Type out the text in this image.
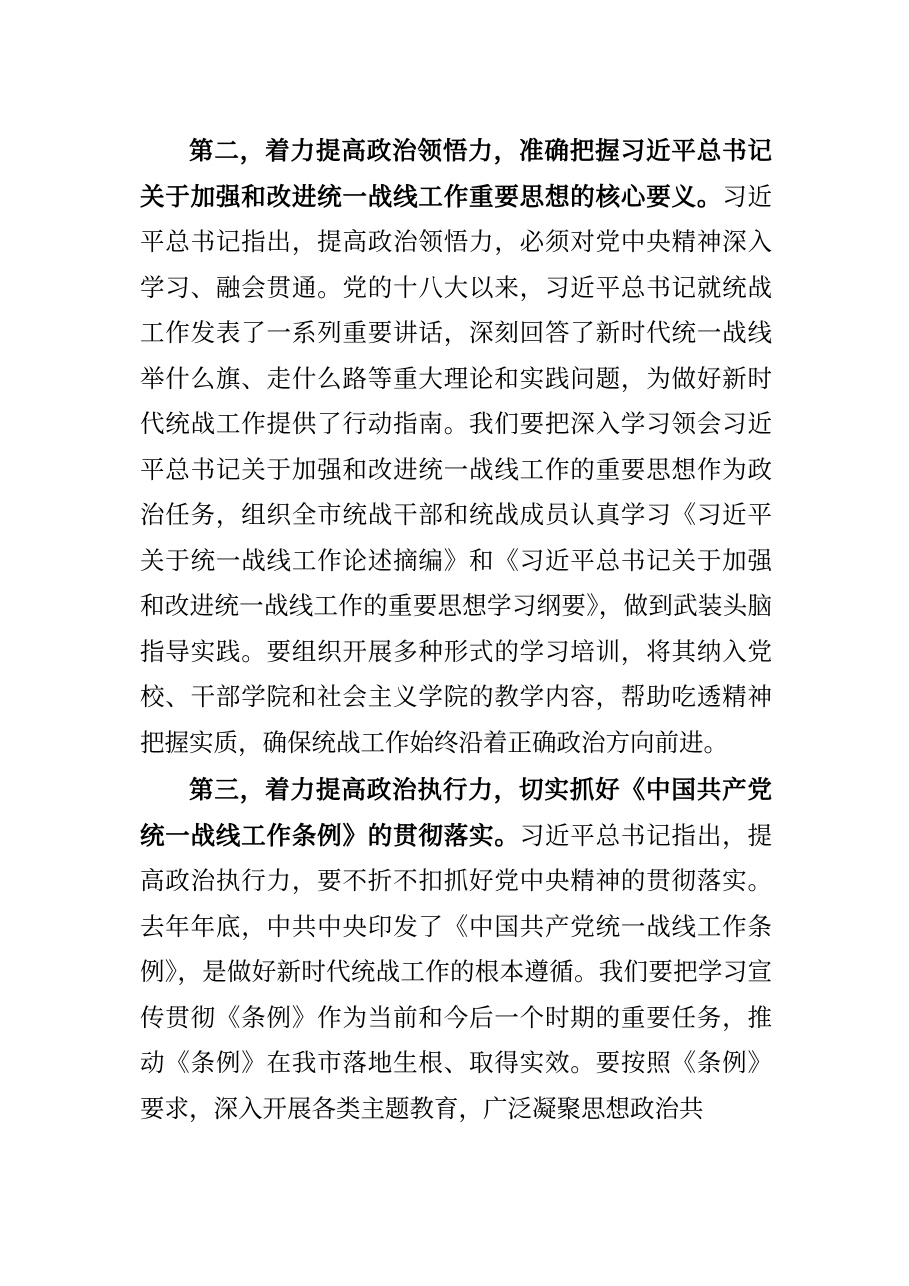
第二，着力提高政治领悟力，准确把握习近平总书记关于加强和改进统一战线工作重要思想的核心要义。习近平总书记指出，提高政治领悟力，必须对党中央精神深入学习、融会贯通。党的十八大以来，习近平总书记就统战工作发表了一系列重要讲话，深刻回答了新时代统一战线举什么旗、走什么路等重大理论和实践问题，为做好新时代统战工作提供了行动指南。我们要把深入学习领会习近平总书记关于加强和改进统一战线工作的重要思想作为政治任务，组织全市统战干部和统战成员认真学习《习近平关于统一战线工作论述摘编》和《习近平总书记关于加强和改进统一战线工作的重要思想学习纲要》，做到武装头脑指导实践。要组织开展多种形式的学习培训，将其纳入党校、干部学院和社会主义学院的教学内容，帮助吃透精神把握实质，确保统战工作始终沿着正确政治方向前进。

第三，着力提高政治执行力，切实抓好《中国共产党统一战线工作条例》的贯彻落实。习近平总书记指出，提高政治执行力，要不折不扣抓好党中央精神的贯彻落实。去年年底，中共中央印发了《中国共产党统一战线工作条例》，是做好新时代统战工作的根本遵循。我们要把学习宣传贯彻《条例》作为当前和今后一个时期的重要任务，推动《条例》在我市落地生根、取得实效。要按照《条例》要求，深入开展各类主题教育，广泛凝聚思想政治共
